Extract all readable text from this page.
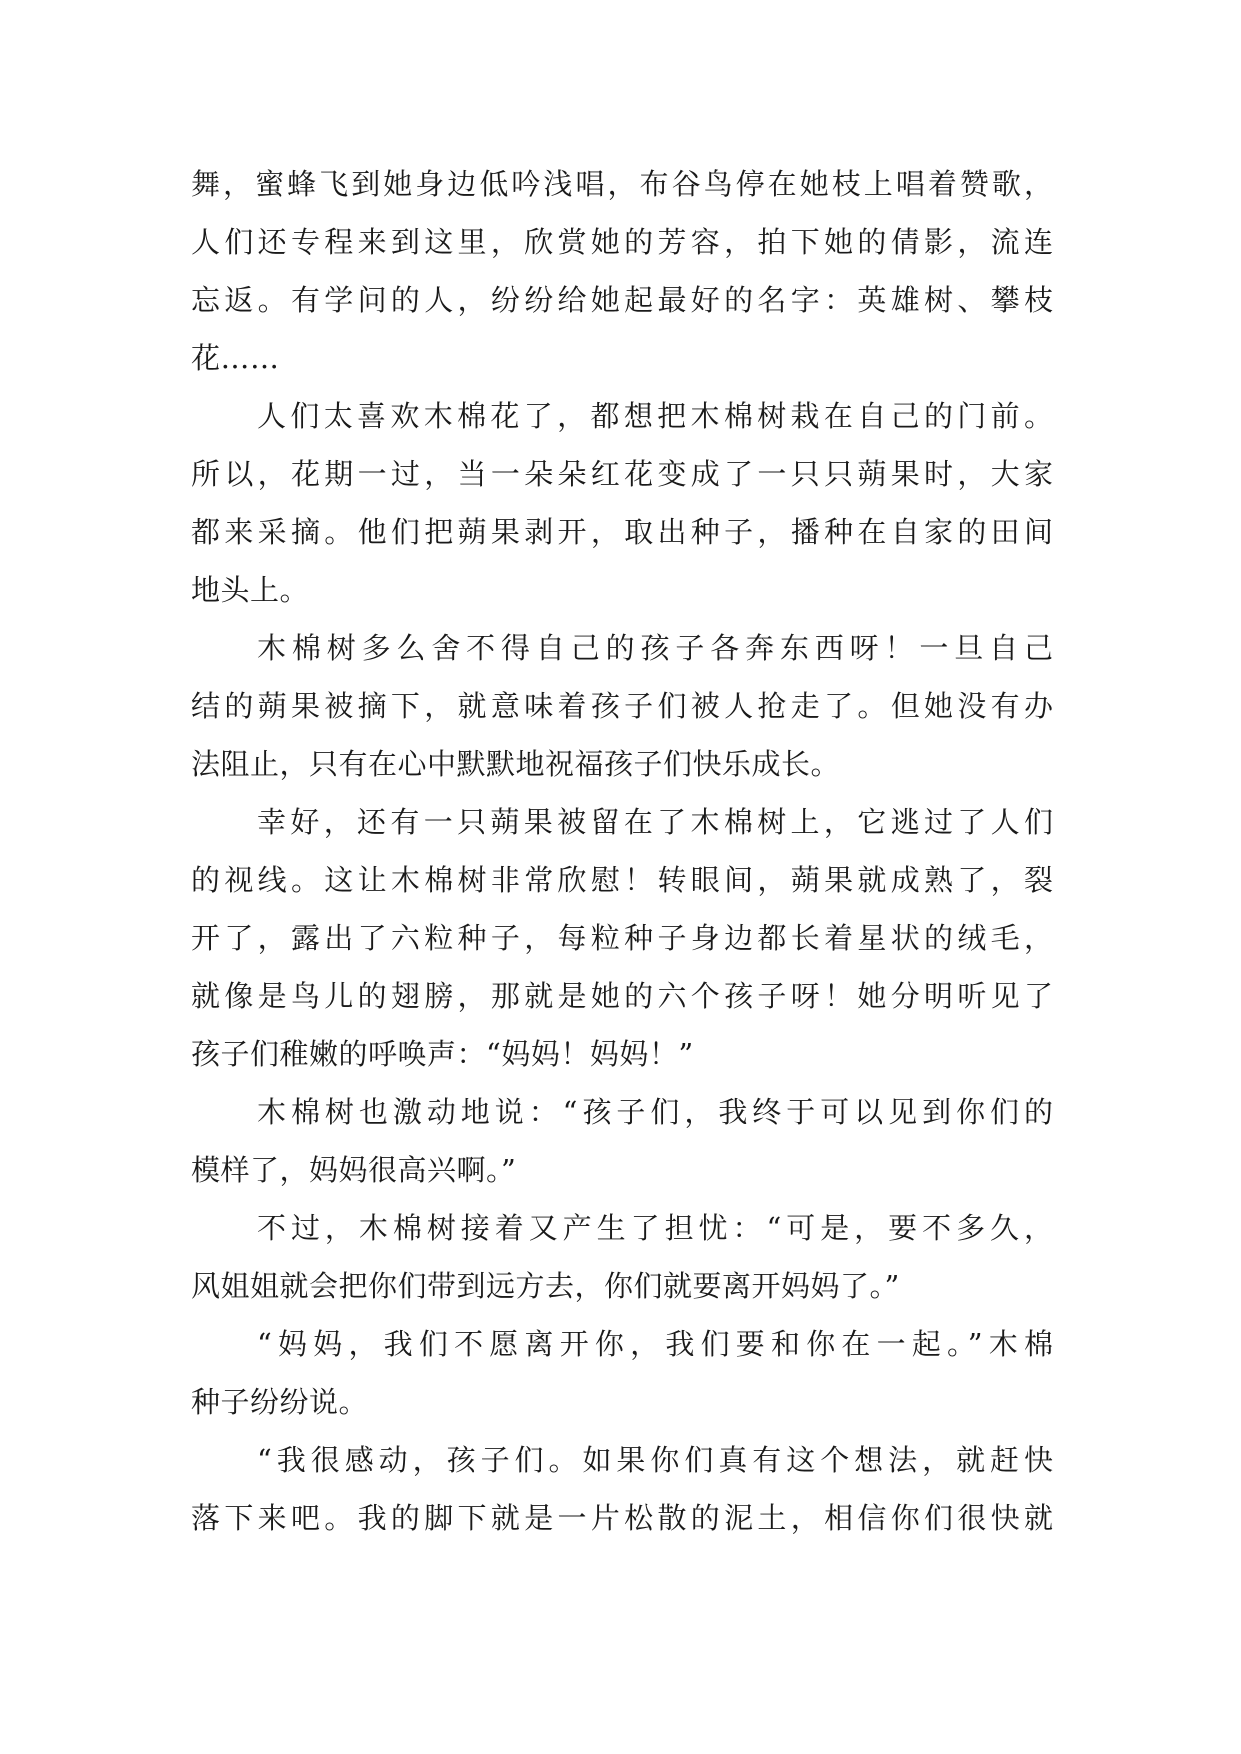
舞，蜜蜂飞到她身边低吟浅唱，布谷鸟停在她枝上唱着赞歌，
人们还专程来到这里，欣赏她的芳容，拍下她的倩影，流连
忘返。有学问的人，纷纷给她起最好的名字：英雄树、攀枝
花……
人们太喜欢木棉花了，都想把木棉树栽在自己的门前。
所以，花期一过，当一朵朵红花变成了一只只蒴果时，大家
都来采摘。他们把蒴果剥开，取出种子，播种在自家的田间
地头上。
木棉树多么舍不得自己的孩子各奔东西呀！一旦自己
结的蒴果被摘下，就意味着孩子们被人抢走了。但她没有办
法阻止，只有在心中默默地祝福孩子们快乐成长。
幸好，还有一只蒴果被留在了木棉树上，它逃过了人们
的视线。这让木棉树非常欣慰！转眼间，蒴果就成熟了，裂
开了，露出了六粒种子，每粒种子身边都长着星状的绒毛，
就像是鸟儿的翅膀，那就是她的六个孩子呀！她分明听见了
孩子们稚嫩的呼唤声：“妈妈！妈妈！”
木棉树也激动地说：“孩子们，我终于可以见到你们的
模样了，妈妈很高兴啊。”
不过，木棉树接着又产生了担忧：“可是，要不多久，
风姐姐就会把你们带到远方去，你们就要离开妈妈了。”
“妈妈，我们不愿离开你，我们要和你在一起。”木棉
种子纷纷说。
“我很感动，孩子们。如果你们真有这个想法，就赶快
落下来吧。我的脚下就是一片松散的泥土，相信你们很快就
